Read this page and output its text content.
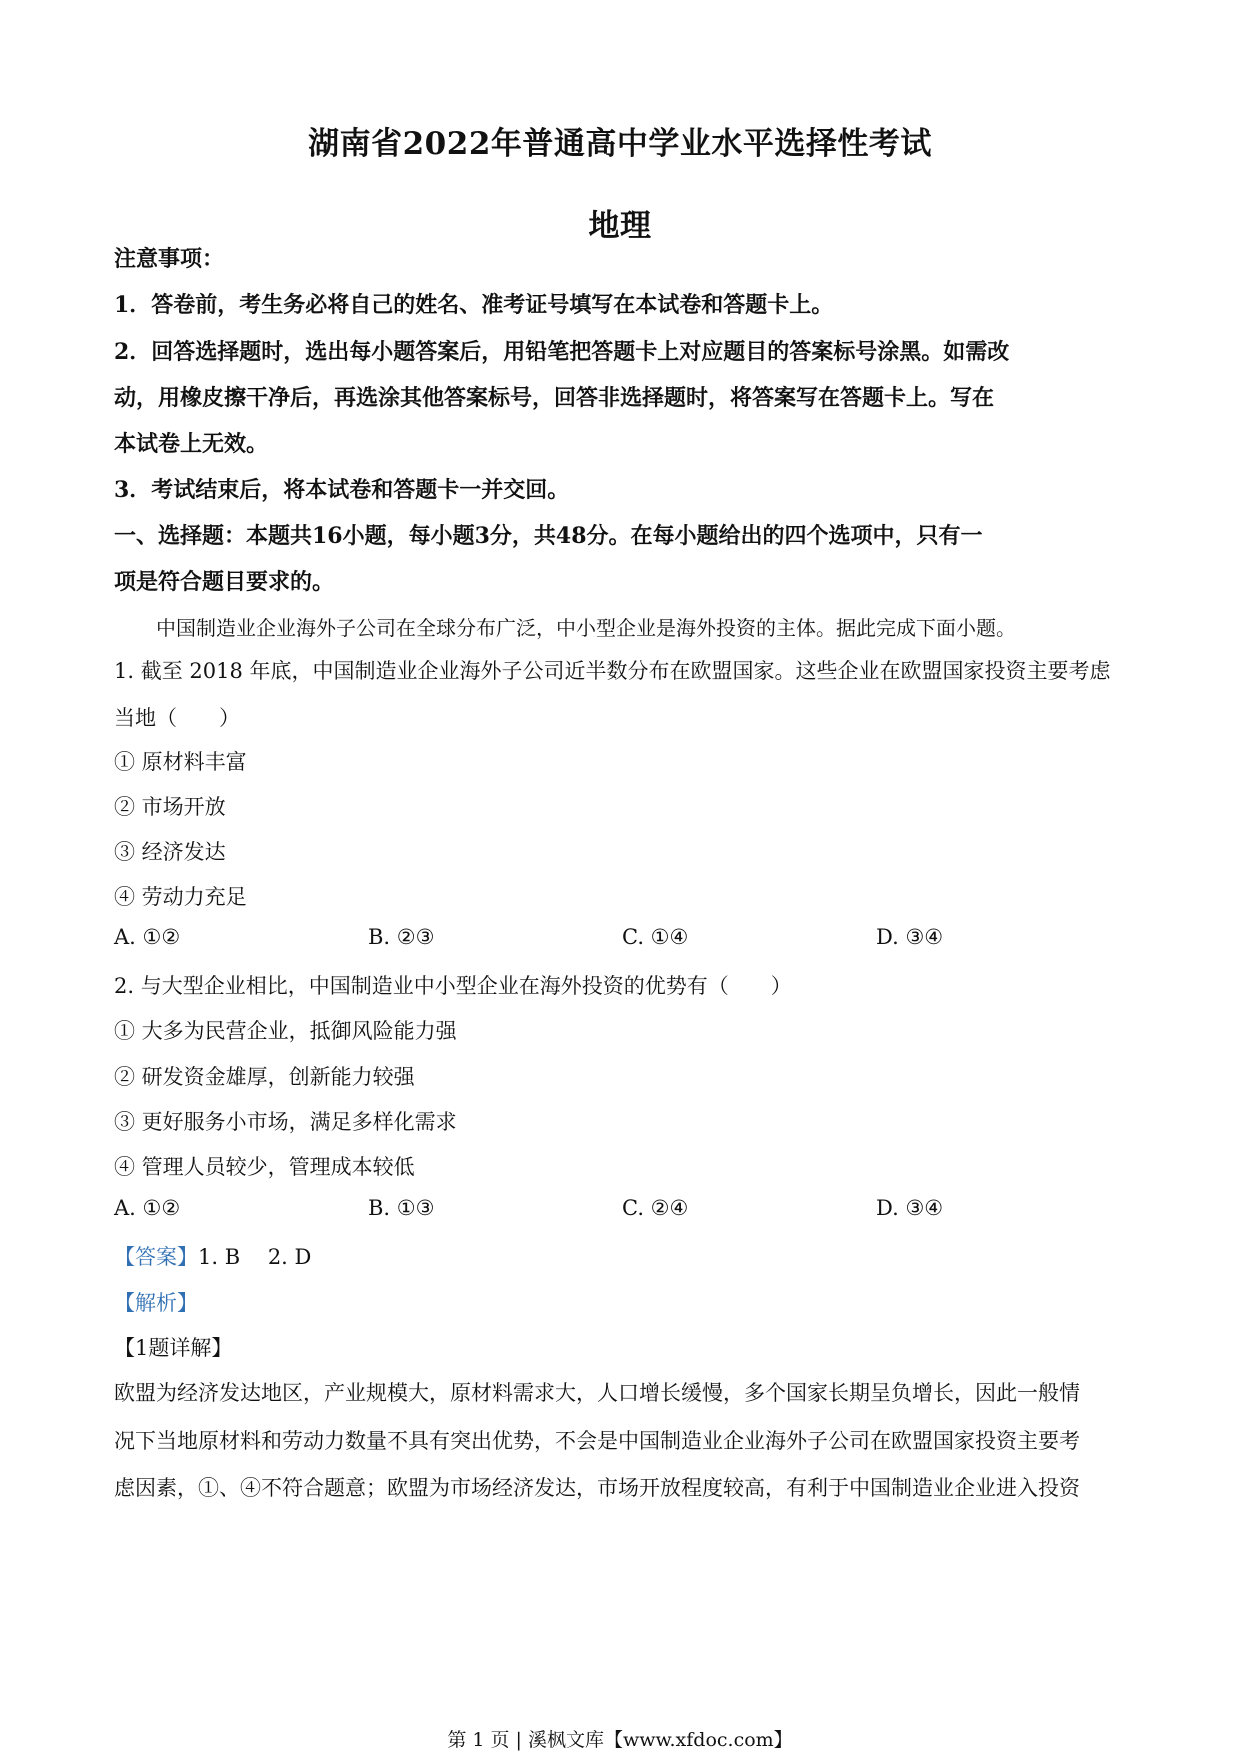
湖南省2022年普通高中学业水平选择性考试
地理
注意事项：
1．答卷前，考生务必将自己的姓名、准考证号填写在本试卷和答题卡上。
2．回答选择题时，选出每小题答案后，用铅笔把答题卡上对应题目的答案标号涂黑。如需改
动，用橡皮擦干净后，再选涂其他答案标号，回答非选择题时，将答案写在答题卡上。写在
本试卷上无效。
3．考试结束后，将本试卷和答题卡一并交回。
一、选择题：本题共16小题，每小题3分，共48分。在每小题给出的四个选项中，只有一
项是符合题目要求的。
中国制造业企业海外子公司在全球分布广泛，中小型企业是海外投资的主体。据此完成下面小题。
1. 截至 2018 年底，中国制造业企业海外子公司近半数分布在欧盟国家。这些企业在欧盟国家投资主要考虑
当地（　　）
① 原材料丰富
② 市场开放
③ 经济发达
④ 劳动力充足
A. ①②	B. ②③	C. ①④	D. ③④
2. 与大型企业相比，中国制造业中小型企业在海外投资的优势有（　　）
① 大多为民营企业，抵御风险能力强
② 研发资金雄厚，创新能力较强
③ 更好服务小市场，满足多样化需求
④ 管理人员较少，管理成本较低
A. ①②	B. ①③	C. ②④	D. ③④
【答案】1. B　 2. D
【解析】
【1题详解】
欧盟为经济发达地区，产业规模大，原材料需求大，人口增长缓慢，多个国家长期呈负增长，因此一般情
况下当地原材料和劳动力数量不具有突出优势，不会是中国制造业企业海外子公司在欧盟国家投资主要考
虑因素，①、④不符合题意；欧盟为市场经济发达，市场开放程度较高，有利于中国制造业企业进入投资
第 1 页 | 溪枫文库【www.xfdoc.com】
